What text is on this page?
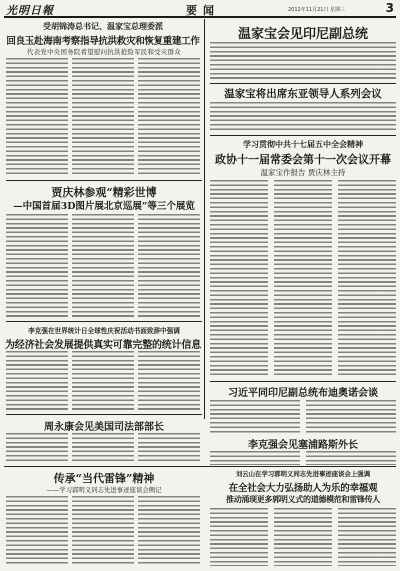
光明日報	要闻	2012年11月21日 星期三	3
受胡锦涛总书记、温家宝总理委派
回良玉赴海南考察指导抗洪救灾和恢复重建工作
代表党中央国务院看望慰问抗洪抢险军民和受灾群众
温家宝会见印尼副总统
温家宝将出席东亚领导人系列会议
学习贯彻中共十七届五中全会精神
政协十一届常委会第十一次会议开幕
温家宝作报告 贾庆林主持
贾庆林参观“精彩世博
—中国首届3D图片展北京巡展”等三个展览
李克强在世界统计日全球性庆祝活动书面致辞中强调
为经济社会发展提供真实可靠完整的统计信息
习近平同印尼副总统布迪奥诺会谈
李克强会见塞浦路斯外长
周永康会见美国司法部部长
刘云山在学习郭明义同志先进事迹座谈会上强调
在全社会大力弘扬助人为乐的幸福观
推动涌现更多郭明义式的道德模范和雷锋传人
传承“当代雷锋”精神
——学习郭明义同志先进事迹座谈会侧记
